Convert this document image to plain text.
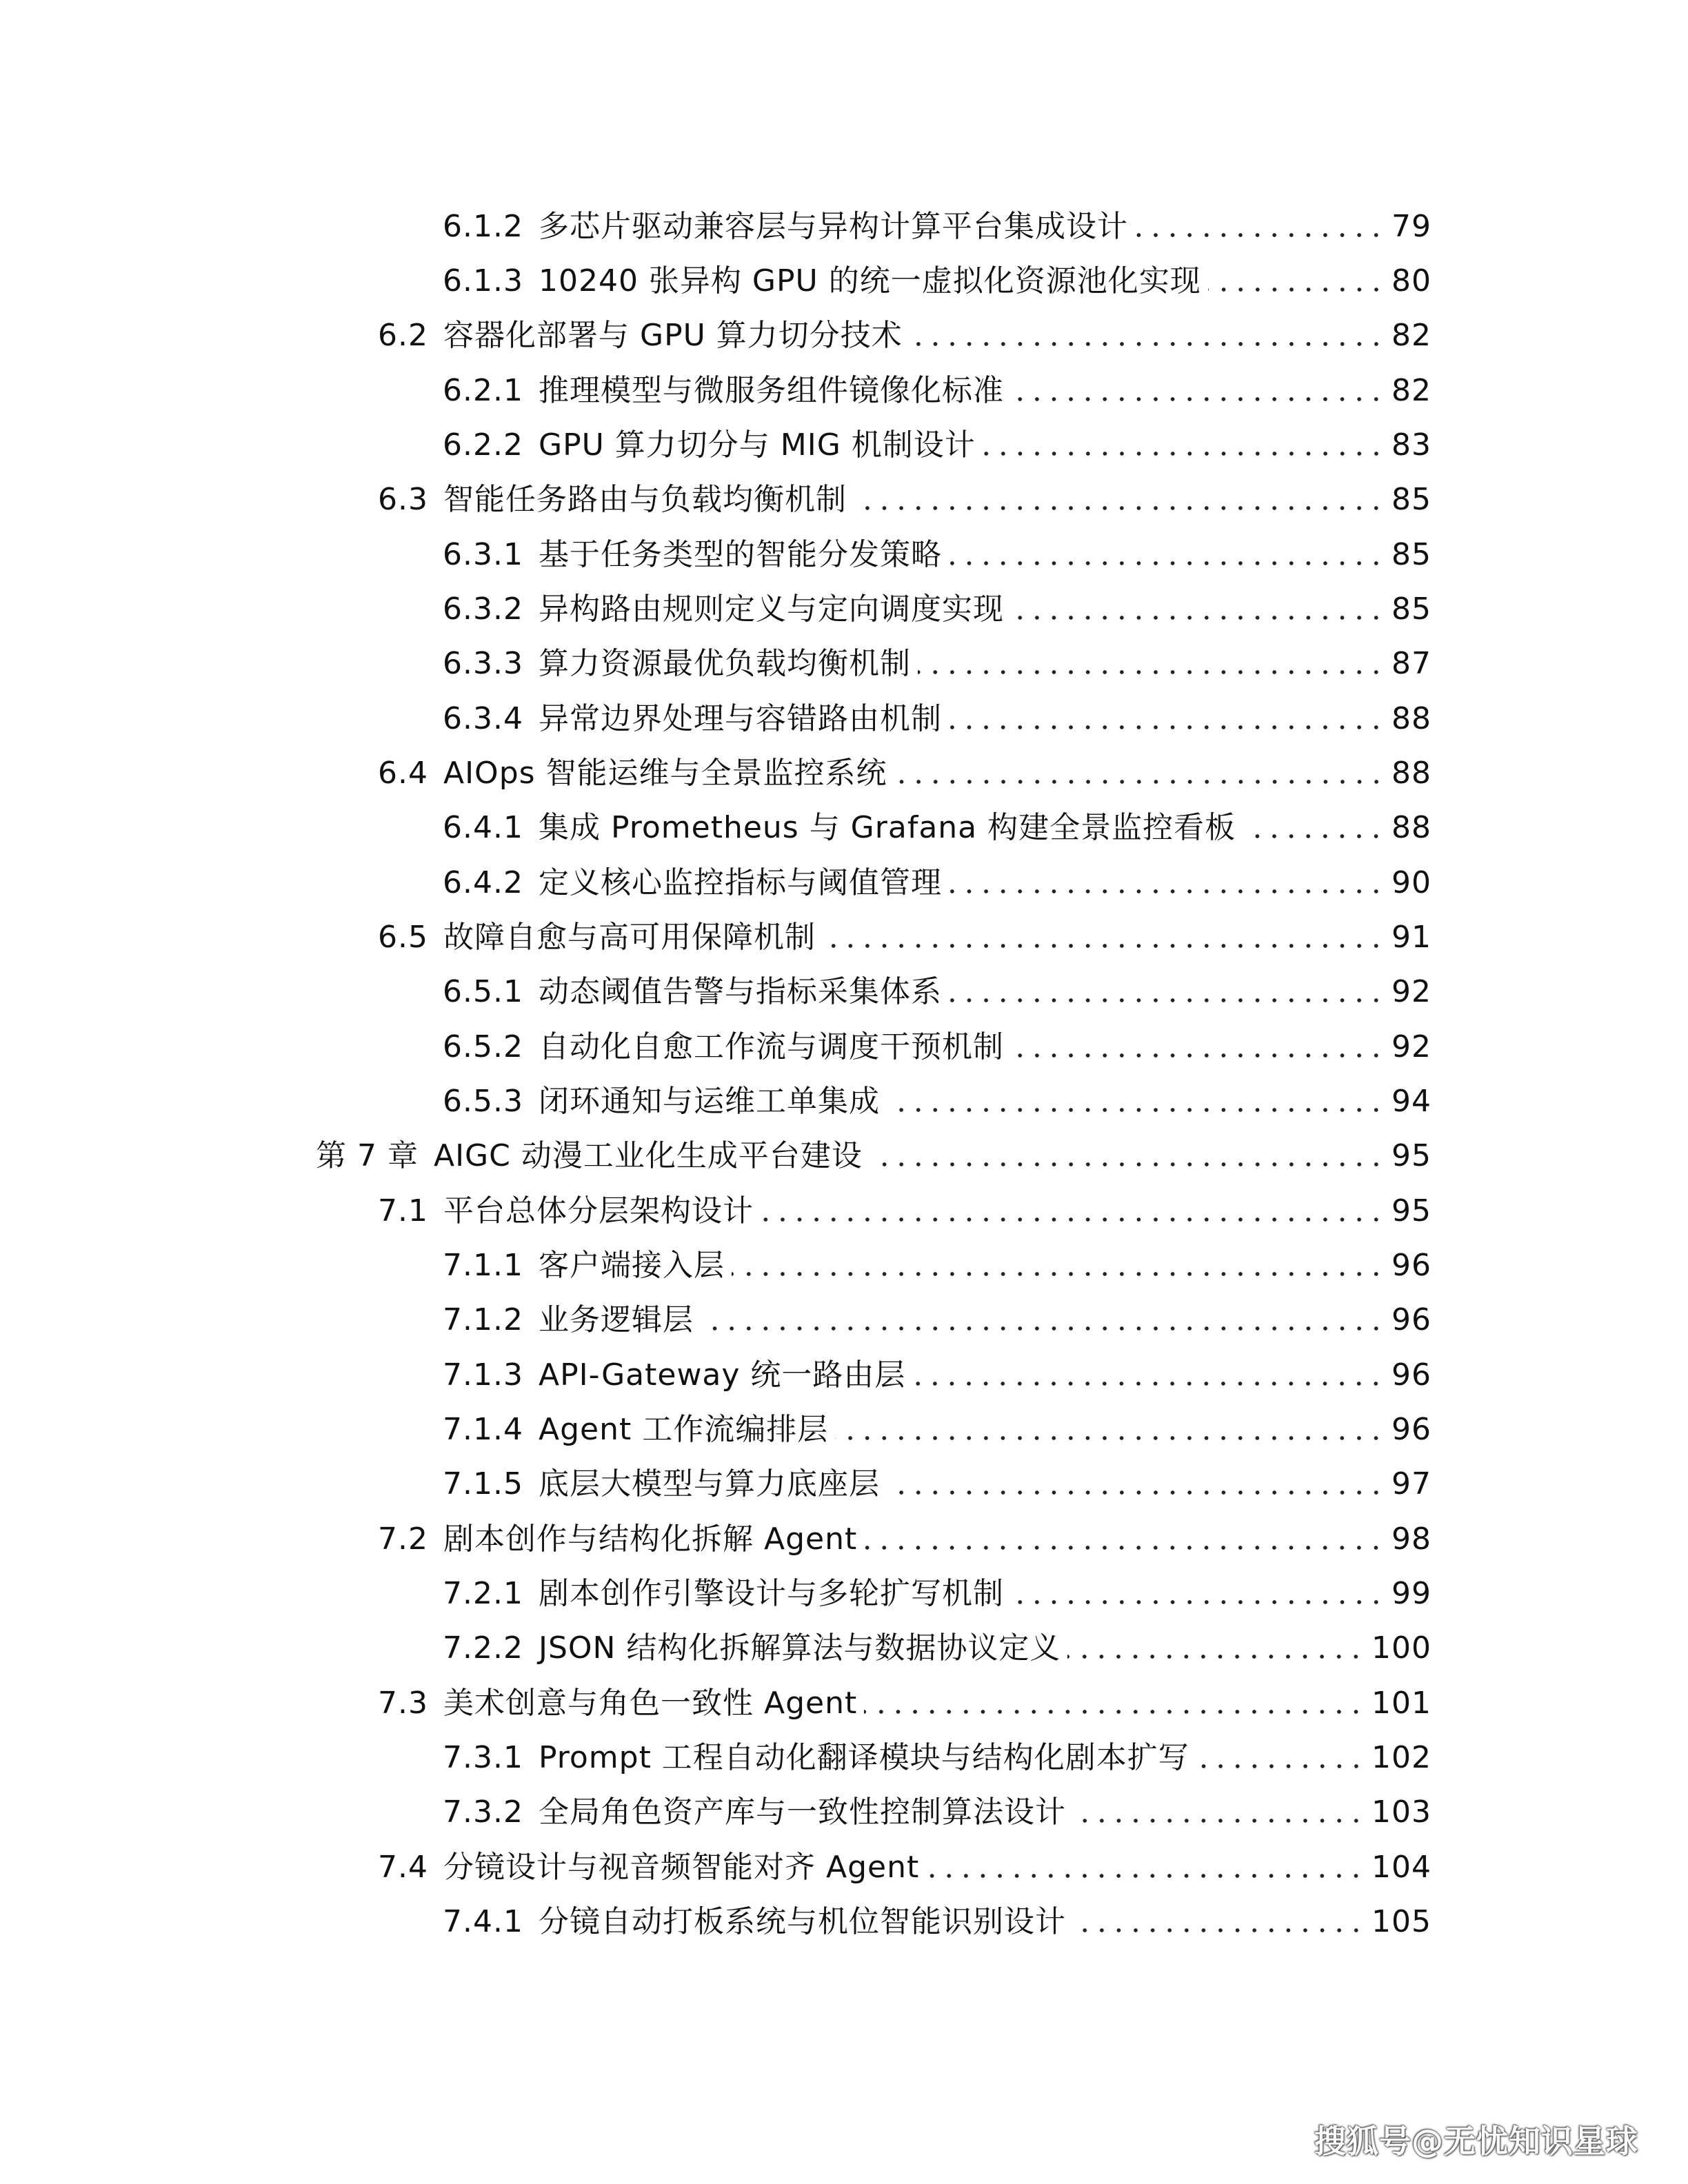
6.1.2 多芯片驱动兼容层与异构计算平台集成设计	79
6.1.3 10240 张异构 GPU 的统一虚拟化资源池化实现	80
6.2 容器化部署与 GPU 算力切分技术	82
6.2.1 推理模型与微服务组件镜像化标准	82
6.2.2 GPU 算力切分与 MIG 机制设计	83
6.3 智能任务路由与负载均衡机制	85
6.3.1 基于任务类型的智能分发策略	85
6.3.2 异构路由规则定义与定向调度实现	85
6.3.3 算力资源最优负载均衡机制	87
6.3.4 异常边界处理与容错路由机制	88
6.4 AIOps 智能运维与全景监控系统	88
6.4.1 集成 Prometheus 与 Grafana 构建全景监控看板	88
6.4.2 定义核心监控指标与阈值管理	90
6.5 故障自愈与高可用保障机制	91
6.5.1 动态阈值告警与指标采集体系	92
6.5.2 自动化自愈工作流与调度干预机制	92
6.5.3 闭环通知与运维工单集成	94
第 7 章 AIGC 动漫工业化生成平台建设	95
7.1 平台总体分层架构设计	95
7.1.1 客户端接入层	96
7.1.2 业务逻辑层	96
7.1.3 API-Gateway 统一路由层	96
7.1.4 Agent 工作流编排层	96
7.1.5 底层大模型与算力底座层	97
7.2 剧本创作与结构化拆解 Agent	98
7.2.1 剧本创作引擎设计与多轮扩写机制	99
7.2.2 JSON 结构化拆解算法与数据协议定义	100
7.3 美术创意与角色一致性 Agent	101
7.3.1 Prompt 工程自动化翻译模块与结构化剧本扩写	102
7.3.2 全局角色资产库与一致性控制算法设计	103
7.4 分镜设计与视音频智能对齐 Agent	104
7.4.1 分镜自动打板系统与机位智能识别设计	105
搜狐号@无忧知识星球
